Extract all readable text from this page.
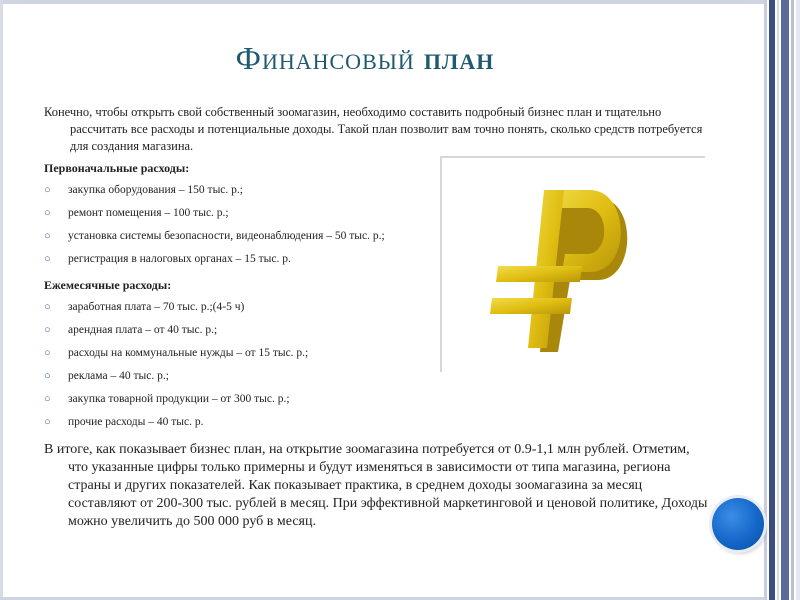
Финансовый план

Конечно, чтобы открыть свой собственный зоомагазин, необходимо составить подробный бизнес план и тщательно рассчитать все расходы и потенциальные доходы. Такой план позволит вам точно понять, сколько средств потребуется для создания магазина.

Первоначальные расходы:
○ закупка оборудования – 150 тыс. р.;
○ ремонт помещения – 100 тыс. р.;
○ установка системы безопасности, видеонаблюдения – 50 тыс. р.;
○ регистрация в налоговых органах – 15 тыс. р.
Ежемесячные расходы:
○ заработная плата – 70 тыс. р.;(4-5 ч)
○ арендная плата – от 40 тыс. р.;
○ расходы на коммунальные нужды – от 15 тыс. р.;
○ реклама – 40 тыс. р.;
○ закупка товарной продукции – от 300 тыс. р.;
○ прочие расходы – 40 тыс. р.

В итоге, как показывает бизнес план, на открытие зоомагазина потребуется от 0.9-1,1 млн рублей. Отметим, что указанные цифры только примерны и будут изменяться в зависимости от типа магазина, региона страны и других показателей. Как показывает практика, в среднем доходы зоомагазина за месяц составляют от 200-300 тыс. рублей в месяц. При эффективной маркетинговой и ценовой политике, Доходы можно увеличить до 500 000 руб в месяц.
